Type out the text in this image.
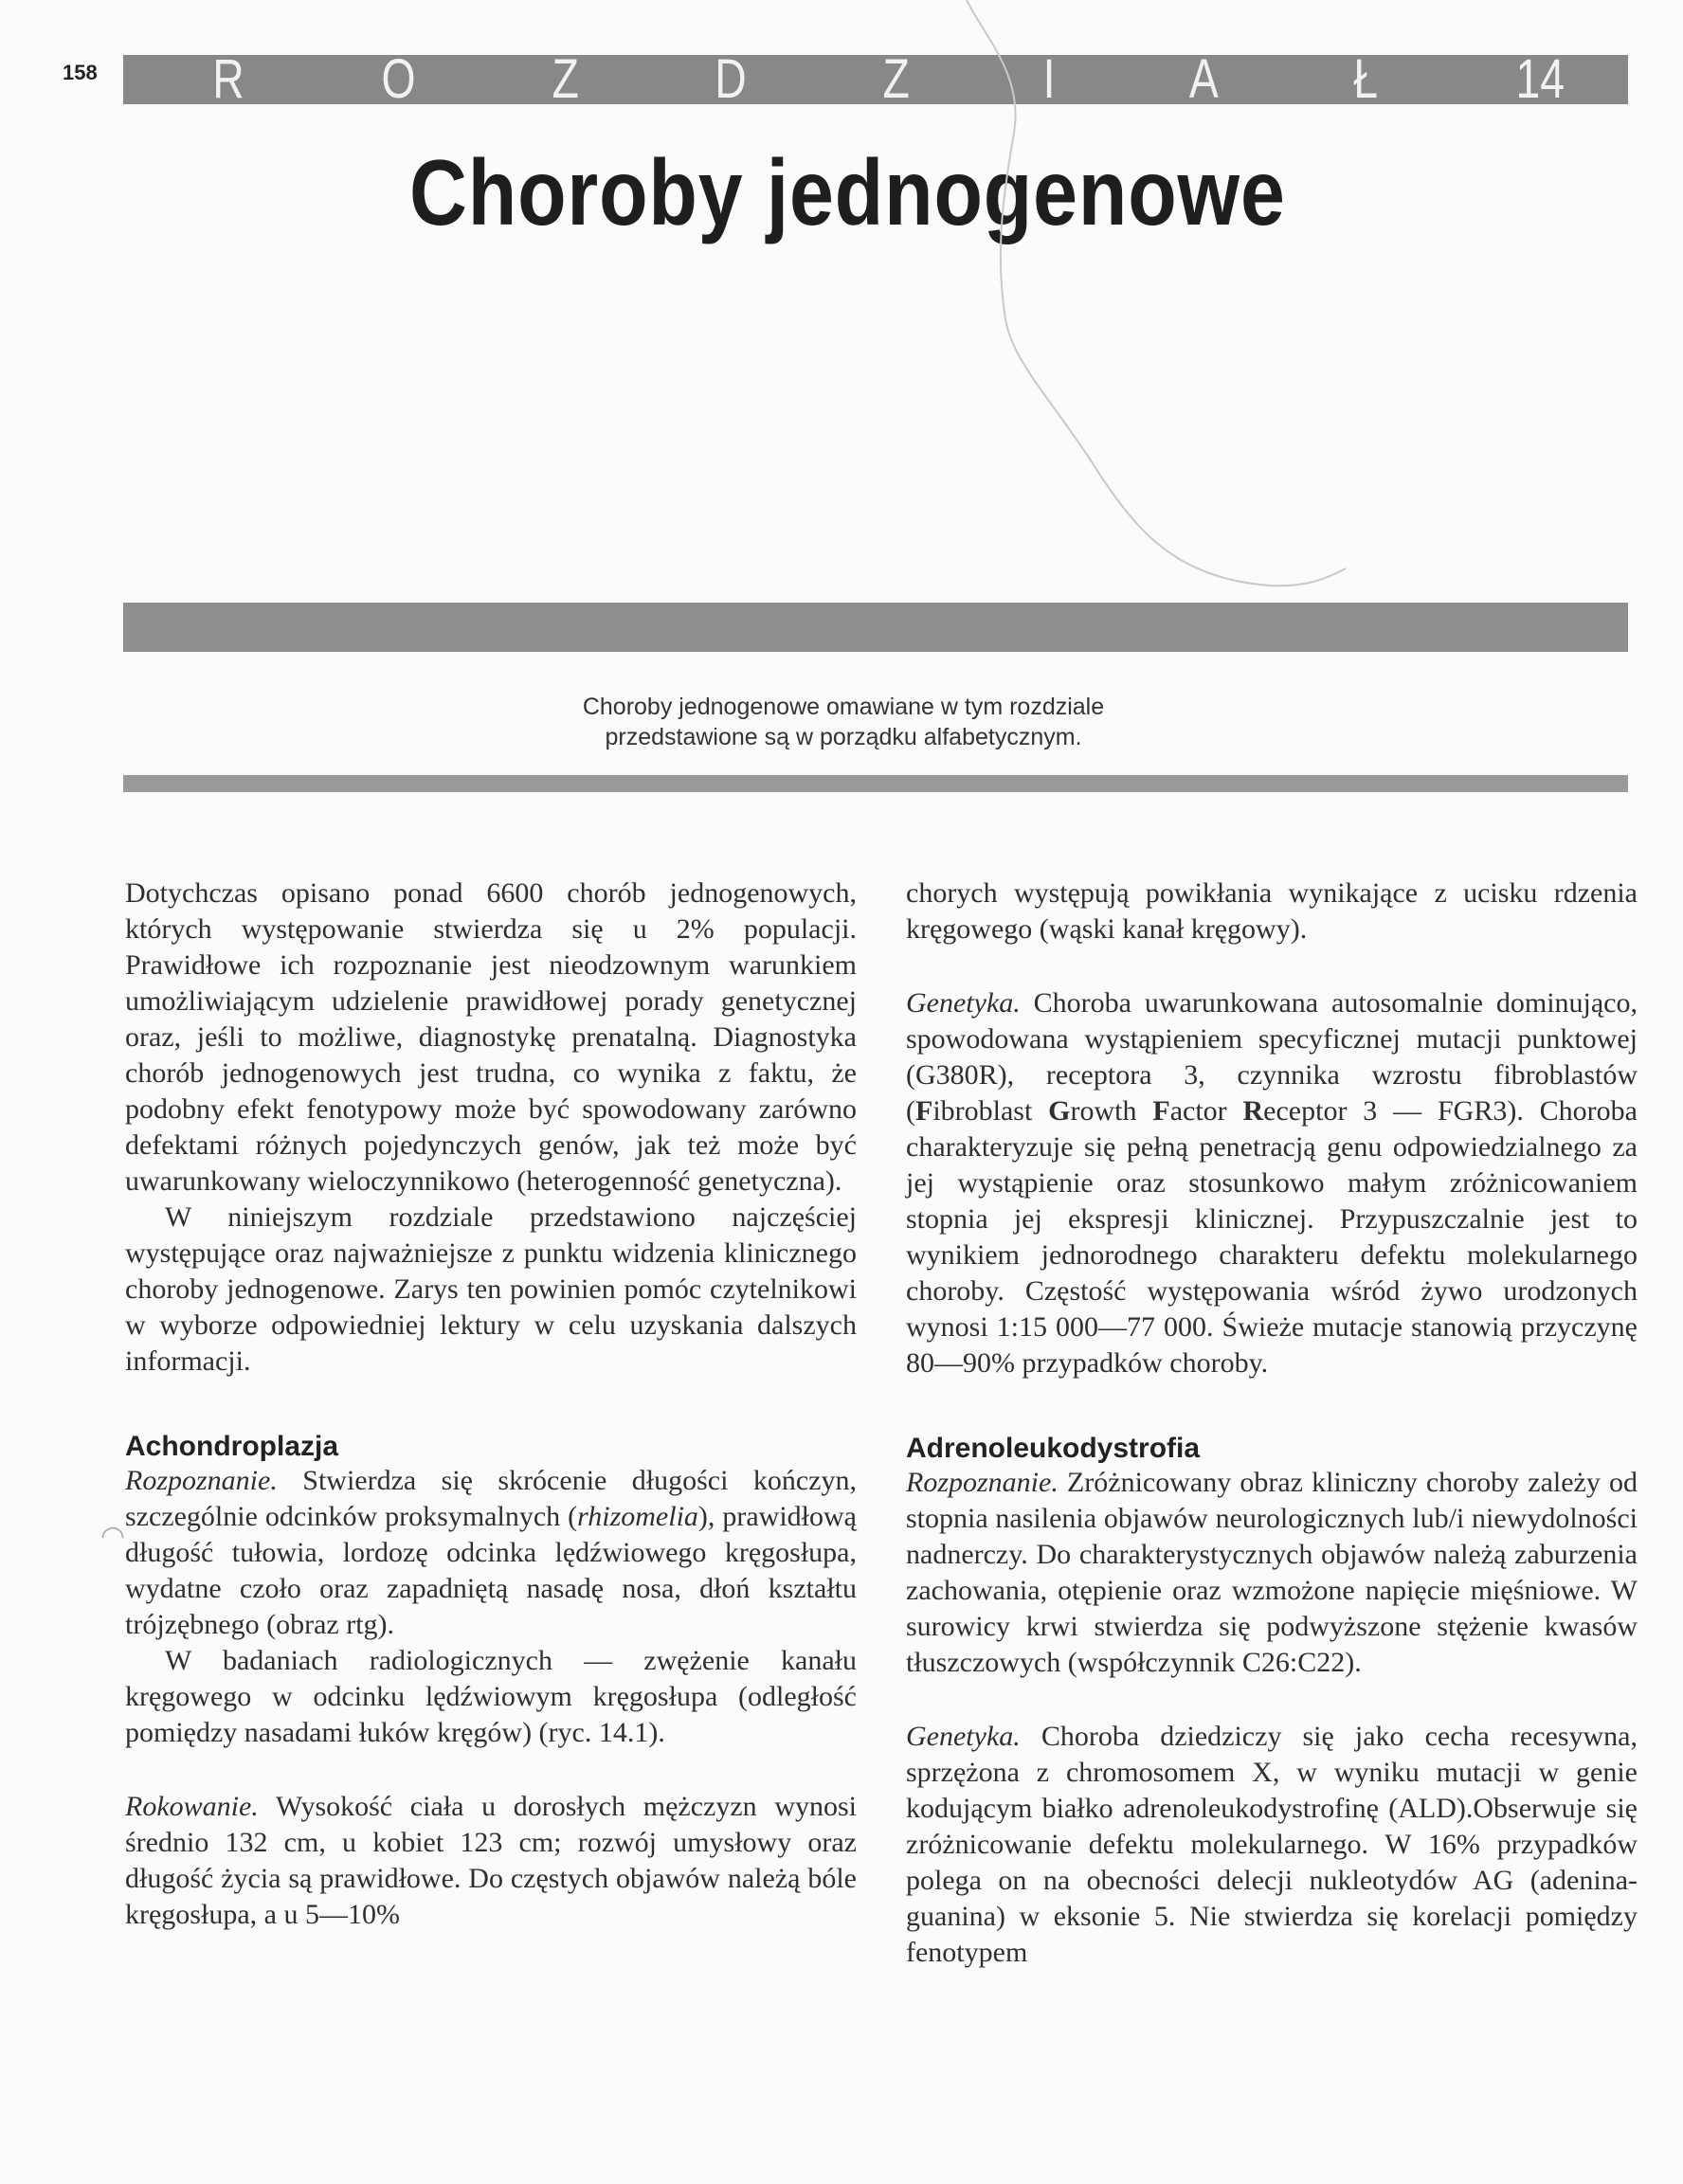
158 R O Z D Z I A Ł	14
Choroby jednogenowe
Choroby jednogenowe omawiane w tym rozdziale
przedstawione są w porządku alfabetycznym.
◠

Dotychczas opisano ponad 6600 chorób jednogenowych, których występowanie stwierdza się u 2% populacji. Prawidłowe ich rozpoznanie jest nieodzownym warunkiem umożliwiającym udzielenie prawidłowej porady genetycznej oraz, jeśli to możliwe, diagnostykę prenatalną. Diagnostyka chorób jednogenowych jest trudna, co wynika z faktu, że podobny efekt fenotypowy może być spowodowany zarówno defektami różnych pojedynczych genów, jak też może być uwarunkowany wieloczynnikowo (heterogenność genetyczna).

W niniejszym rozdziale przedstawiono najczęściej występujące oraz najważniejsze z punktu widzenia klinicznego choroby jednogenowe. Zarys ten powinien pomóc czytelnikowi w wyborze odpowiedniej lektury w celu uzyskania dalszych informacji.

Achondroplazja

Rozpoznanie. Stwierdza się skrócenie długości kończyn, szczególnie odcinków proksymalnych (rhizomelia), prawidłową długość tułowia, lordozę odcinka lędźwiowego kręgosłupa, wydatne czoło oraz zapadniętą nasadę nosa, dłoń kształtu trójzębnego (obraz rtg).

W badaniach radiologicznych — zwężenie kanału kręgowego w odcinku lędźwiowym kręgosłupa (odległość pomiędzy nasadami łuków kręgów) (ryc. 14.1).

Rokowanie. Wysokość ciała u dorosłych mężczyzn wynosi średnio 132 cm, u kobiet 123 cm; rozwój umysłowy oraz długość życia są prawidłowe. Do częstych objawów należą bóle kręgosłupa, a u 5—10%

chorych występują powikłania wynikające z ucisku rdzenia kręgowego (wąski kanał kręgowy).

Genetyka. Choroba uwarunkowana autosomalnie dominująco, spowodowana wystąpieniem specyficznej mutacji punktowej (G380R), receptora 3, czynnika wzrostu fibroblastów (Fibroblast Growth Factor Receptor 3 — FGR3). Choroba charakteryzuje się pełną penetracją genu odpowiedzialnego za jej wystąpienie oraz stosunkowo małym zróżnicowaniem stopnia jej ekspresji klinicznej. Przypuszczalnie jest to wynikiem jednorodnego charakteru defektu molekularnego choroby. Częstość występowania wśród żywo urodzonych wynosi 1:15 000—77 000. Świeże mutacje stanowią przyczynę 80—90% przypadków choroby.

Adrenoleukodystrofia

Rozpoznanie. Zróżnicowany obraz kliniczny choroby zależy od stopnia nasilenia objawów neurologicznych lub/i niewydolności nadnerczy. Do charakterystycznych objawów należą zaburzenia zachowania, otępienie oraz wzmożone napięcie mięśniowe. W surowicy krwi stwierdza się podwyższone stężenie kwasów tłuszczowych (współczynnik C26:C22).

Genetyka. Choroba dziedziczy się jako cecha recesywna, sprzężona z chromosomem X, w wyniku mutacji w genie kodującym białko adrenoleukodystrofinę (ALD).Obserwuje się zróżnicowanie defektu molekularnego. W 16% przypadków polega on na obecności delecji nukleotydów AG (adenina-guanina) w eksonie 5. Nie stwierdza się korelacji pomiędzy fenotypem
